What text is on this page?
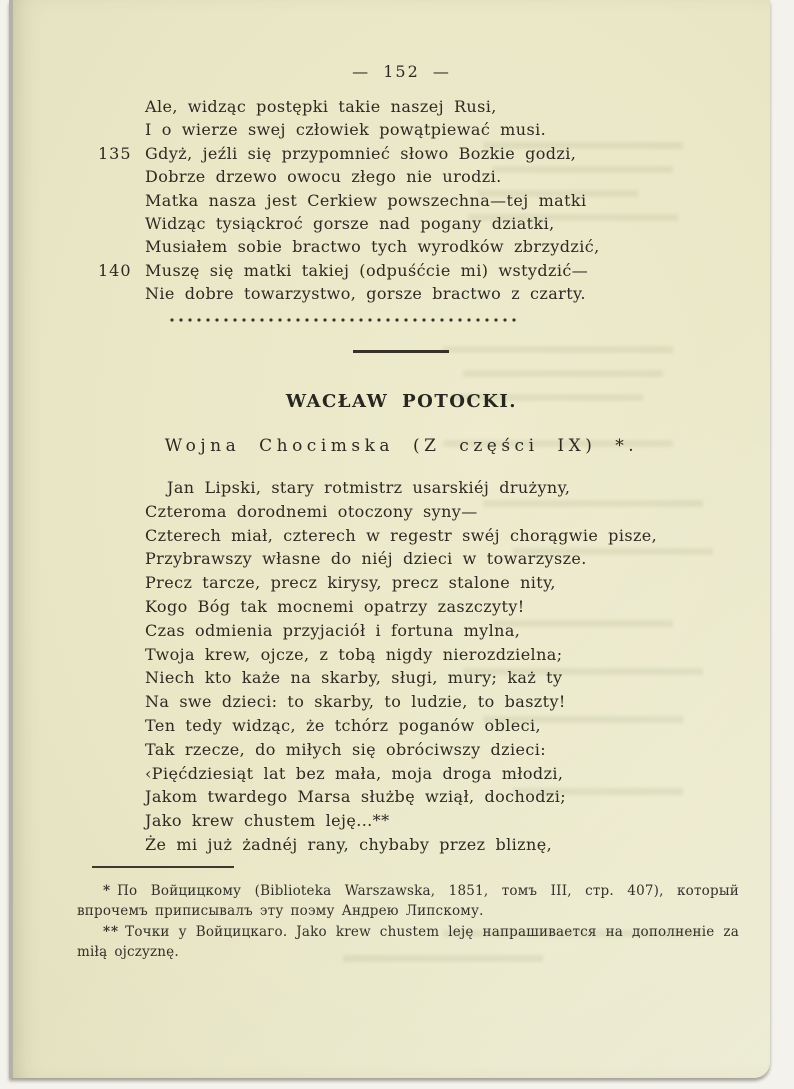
— 152 —
Ale, widząc postępki takie naszej Rusi,
I o wierze swej człowiek powątpiewać musi.
135 Gdyż, jeźli się przypomnieć słowo Bozkie godzi,
Dobrze drzewo owocu złego nie urodzi.
Matka nasza jest Cerkiew powszechna—tej matki
Widząc tysiąckroć gorsze nad pogany dziatki,
Musiałem sobie bractwo tych wyrodków zbrzydzić,
140 Muszę się matki takiej (odpuśćcie mi) wstydzić—
Nie dobre towarzystwo, gorsze bractwo z czarty.
WACŁAW POTOCKI.
Wojna Chocimska (Z części IX) *.
Jan Lipski, stary rotmistrz usarskiéj drużyny,
Czteroma dorodnemi otoczony syny—
Czterech miał, czterech w regestr swéj chorągwie pisze,
Przybrawszy własne do niéj dzieci w towarzysze.
Precz tarcze, precz kirysy, precz stalone nity,
Kogo Bóg tak mocnemi opatrzy zaszczyty!
Czas odmienia przyjaciół i fortuna mylna,
Twoja krew, ojcze, z tobą nigdy nierozdzielna;
Niech kto każe na skarby, sługi, mury; każ ty
Na swe dzieci: to skarby, to ludzie, to baszty!
Ten tedy widząc, że tchórz poganów obleci,
Tak rzecze, do miłych się obróciwszy dzieci:
‹Pięćdziesiąt lat bez mała, moja droga młodzi,
Jakom twardego Marsa służbę wziął, dochodzi;
Jako krew chustem leję...**
Że mi już żadnéj rany, chybaby przez bliznę,

* По Войцицкому (Biblioteka Warszawska, 1851, томъ III, стр. 407), который впрочемъ приписывалъ эту поэму Андрею Липскому.

** Точки у Войцицкаго. Jako krew chustem leję напрашивается на дополненіе za miłą ojczyznę.
